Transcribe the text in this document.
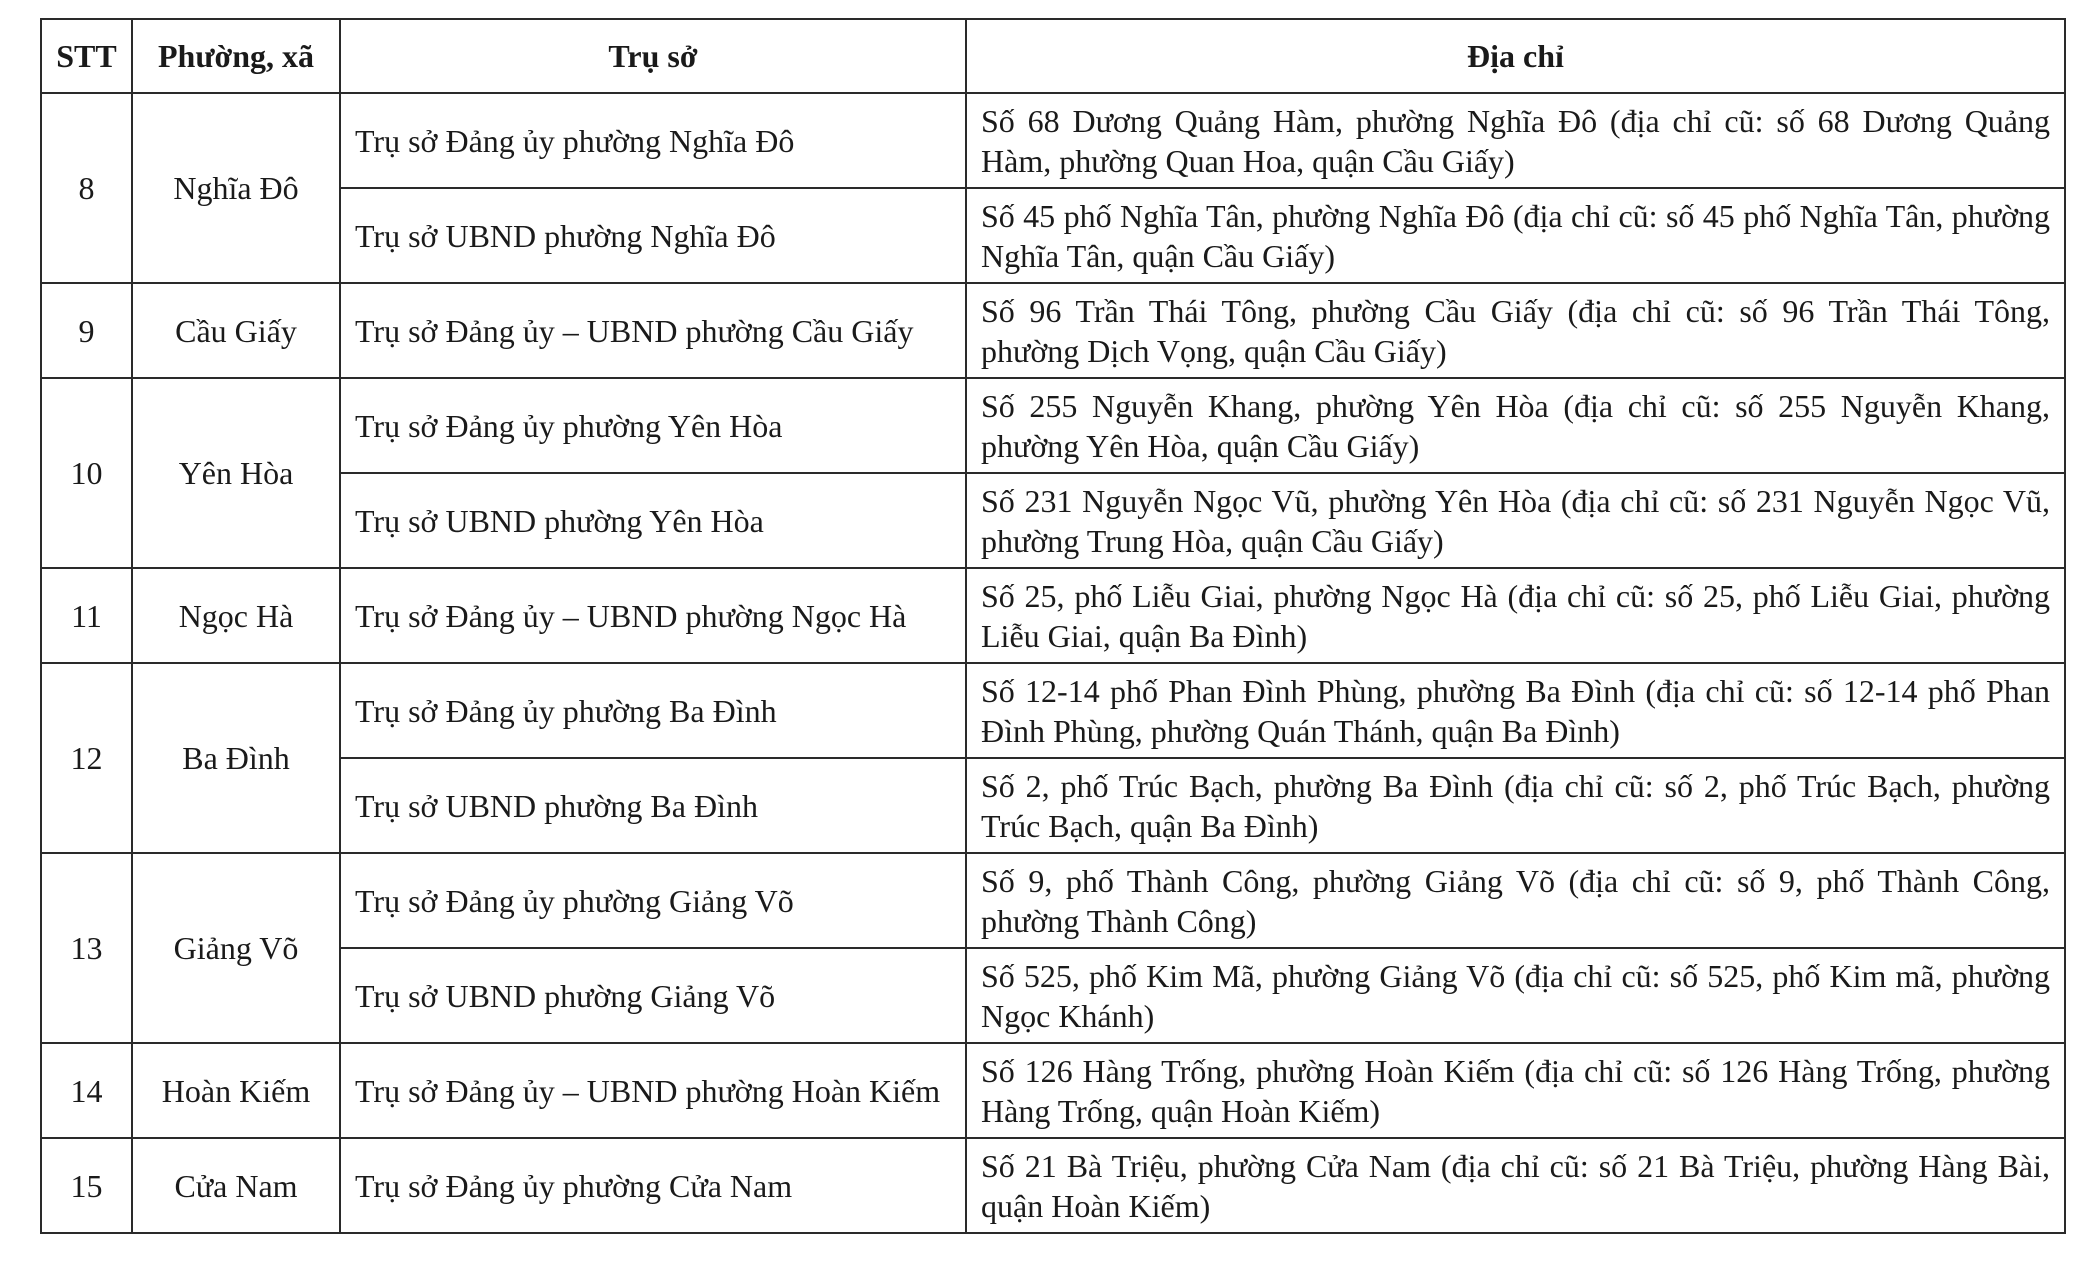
STT	Phường, xã	Trụ sở	Địa chỉ
8	Nghĩa Đô	Trụ sở Đảng ủy phường Nghĩa Đô	Số 68 Dương Quảng Hàm, phường Nghĩa Đô (địa chỉ cũ: số 68 Dương Quảng Hàm, phường Quan Hoa, quận Cầu Giấy)
		Trụ sở UBND phường Nghĩa Đô	Số 45 phố Nghĩa Tân, phường Nghĩa Đô (địa chỉ cũ: số 45 phố Nghĩa Tân, phường Nghĩa Tân, quận Cầu Giấy)
9	Cầu Giấy	Trụ sở Đảng ủy – UBND phường Cầu Giấy	Số 96 Trần Thái Tông, phường Cầu Giấy (địa chỉ cũ: số 96 Trần Thái Tông, phường Dịch Vọng, quận Cầu Giấy)
10	Yên Hòa	Trụ sở Đảng ủy phường Yên Hòa	Số 255 Nguyễn Khang, phường Yên Hòa (địa chỉ cũ: số 255 Nguyễn Khang, phường Yên Hòa, quận Cầu Giấy)
		Trụ sở UBND phường Yên Hòa	Số 231 Nguyễn Ngọc Vũ, phường Yên Hòa (địa chỉ cũ: số 231 Nguyễn Ngọc Vũ, phường Trung Hòa, quận Cầu Giấy)
11	Ngọc Hà	Trụ sở Đảng ủy – UBND phường Ngọc Hà	Số 25, phố Liễu Giai, phường Ngọc Hà (địa chỉ cũ: số 25, phố Liễu Giai, phường Liễu Giai, quận Ba Đình)
12	Ba Đình	Trụ sở Đảng ủy phường Ba Đình	Số 12-14 phố Phan Đình Phùng, phường Ba Đình (địa chỉ cũ: số 12-14 phố Phan Đình Phùng, phường Quán Thánh, quận Ba Đình)
		Trụ sở UBND phường Ba Đình	Số 2, phố Trúc Bạch, phường Ba Đình (địa chỉ cũ: số 2, phố Trúc Bạch, phường Trúc Bạch, quận Ba Đình)
13	Giảng Võ	Trụ sở Đảng ủy phường Giảng Võ	Số 9, phố Thành Công, phường Giảng Võ (địa chỉ cũ: số 9, phố Thành Công, phường Thành Công)
		Trụ sở UBND phường Giảng Võ	Số 525, phố Kim Mã, phường Giảng Võ (địa chỉ cũ: số 525, phố Kim mã, phường Ngọc Khánh)
14	Hoàn Kiếm	Trụ sở Đảng ủy – UBND phường Hoàn Kiếm	Số 126 Hàng Trống, phường Hoàn Kiếm (địa chỉ cũ: số 126 Hàng Trống, phường Hàng Trống, quận Hoàn Kiếm)
15	Cửa Nam	Trụ sở Đảng ủy phường Cửa Nam	Số 21 Bà Triệu, phường Cửa Nam (địa chỉ cũ: số 21 Bà Triệu, phường Hàng Bài, quận Hoàn Kiếm)
